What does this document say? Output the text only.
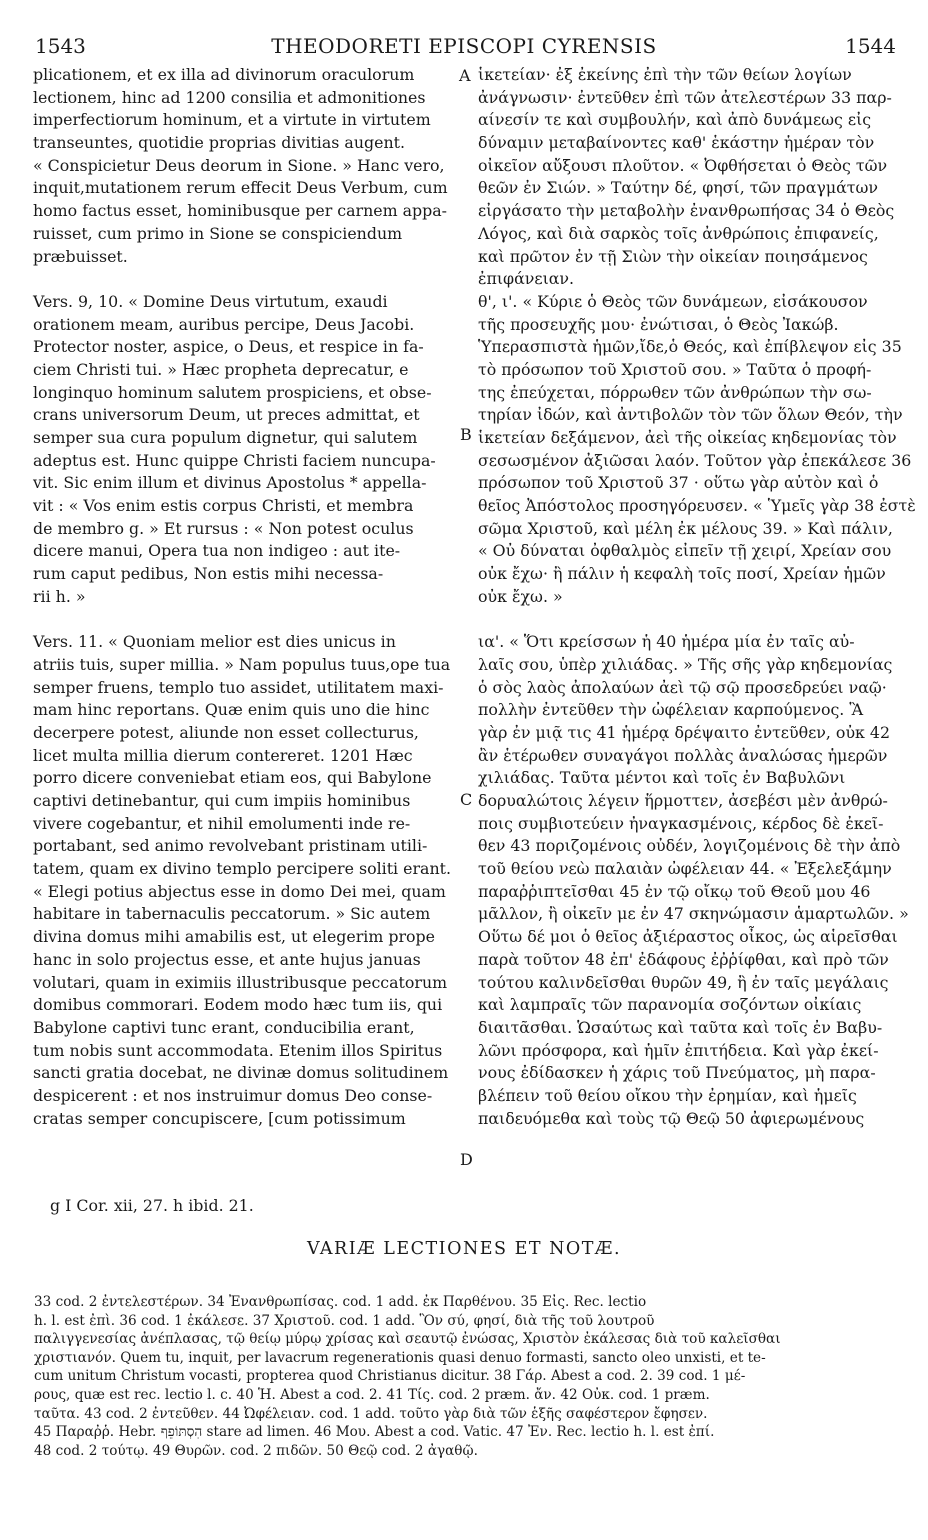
1543	THEODORETI EPISCOPI CYRENSIS	1544
plicationem, et ex illa ad divinorum oraculorum
lectionem, hinc ad 1200 consilia et admonitiones
imperfectiorum hominum, et a virtute in virtutem
transeuntes, quotidie proprias divitias augent.
« Conspicietur Deus deorum in Sione. » Hanc vero,
inquit,mutationem rerum effecit Deus Verbum, cum
homo factus esset, hominibusque per carnem appa-
ruisset, cum primo in Sione se conspiciendum
præbuisset.
Vers. 9, 10. « Domine Deus virtutum, exaudi
orationem meam, auribus percipe, Deus Jacobi.
Protector noster, aspice, o Deus, et respice in fa-
ciem Christi tui. » Hæc propheta deprecatur, e
longinquo hominum salutem prospiciens, et obse-
crans universorum Deum, ut preces admittat, et
semper sua cura populum dignetur, qui salutem
adeptus est. Hunc quippe Christi faciem nuncupa-
vit. Sic enim illum et divinus Apostolus * appella-
vit : « Vos enim estis corpus Christi, et membra
de membro g. » Et rursus : « Non potest oculus
dicere manui, Opera tua non indigeo : aut ite-
rum caput pedibus, Non estis mihi necessa-
rii h. »
Vers. 11. « Quoniam melior est dies unicus in
atriis tuis, super millia. » Nam populus tuus,ope tua
semper fruens, templo tuo assidet, utilitatem maxi-
mam hinc reportans. Quæ enim quis uno die hinc
decerpere potest, aliunde non esset collecturus,
licet multa millia dierum contereret. 1201 Hæc
porro dicere conveniebat etiam eos, qui Babylone
captivi detinebantur, qui cum impiis hominibus
vivere cogebantur, et nihil emolumenti inde re-
portabant, sed animo revolvebant pristinam utili-
tatem, quam ex divino templo percipere soliti erant.
« Elegi potius abjectus esse in domo Dei mei, quam
habitare in tabernaculis peccatorum. » Sic autem
divina domus mihi amabilis est, ut elegerim prope
hanc in solo projectus esse, et ante hujus januas
volutari, quam in eximiis illustribusque peccatorum
domibus commorari. Eodem modo hæc tum iis, qui
Babylone captivi tunc erant, conducibilia erant,
tum nobis sunt accommodata. Etenim illos Spiritus
sancti gratia docebat, ne divinæ domus solitudinem
despicerent : et nos instruimur domus Deo conse-
cratas semper concupiscere, [cum potissimum
ἱκετείαν· ἐξ ἐκείνης ἐπὶ τὴν τῶν θείων λογίων
ἀνάγνωσιν· ἐντεῦθεν ἐπὶ τῶν ἀτελεστέρων 33 παρ-
αίνεσίν τε καὶ συμβουλήν, καὶ ἀπὸ δυνάμεως εἰς
δύναμιν μεταβαίνοντες καθ' ἑκάστην ἡμέραν τὸν
οἰκεῖον αὔξουσι πλοῦτον. « Ὀφθήσεται ὁ Θεὸς τῶν
θεῶν ἐν Σιών. » Ταύτην δέ, φησί, τῶν πραγμάτων
εἰργάσατο τὴν μεταβολὴν ἐνανθρωπήσας 34 ὁ Θεὸς
Λόγος, καὶ διὰ σαρκὸς τοῖς ἀνθρώποις ἐπιφανείς,
καὶ πρῶτον ἐν τῇ Σιὼν τὴν οἰκείαν ποιησάμενος
ἐπιφάνειαν.
θ', ι'. « Κύριε ὁ Θεὸς τῶν δυνάμεων, εἰσάκουσον
τῆς προσευχῆς μου· ἐνώτισαι, ὁ Θεὸς Ἰακώβ.
Ὑπερασπιστὰ ἡμῶν,ἴδε,ὁ Θεός, καὶ ἐπίβλεψον εἰς 35
τὸ πρόσωπον τοῦ Χριστοῦ σου. » Ταῦτα ὁ προφή-
της ἐπεύχεται, πόρρωθεν τῶν ἀνθρώπων τὴν σω-
τηρίαν ἰδών, καὶ ἀντιβολῶν τὸν τῶν ὅλων Θεόν, τὴν
ἱκετείαν δεξάμενον, ἀεὶ τῆς οἰκείας κηδεμονίας τὸν
σεσωσμένον ἀξιῶσαι λαόν. Τοῦτον γὰρ ἐπεκάλεσε 36
πρόσωπον τοῦ Χριστοῦ 37 · οὕτω γὰρ αὐτὸν καὶ ὁ
θεῖος Ἀπόστολος προσηγόρευσεν. « Ὑμεῖς γὰρ 38 ἐστὲ
σῶμα Χριστοῦ, καὶ μέλη ἐκ μέλους 39. » Καὶ πάλιν,
« Οὐ δύναται ὀφθαλμὸς εἰπεῖν τῇ χειρί, Χρείαν σου
οὐκ ἔχω· ἢ πάλιν ἡ κεφαλὴ τοῖς ποσί, Χρείαν ἡμῶν
οὐκ ἔχω. »
ια'. « Ὅτι κρείσσων ἡ 40 ἡμέρα μία ἐν ταῖς αὐ-
λαῖς σου, ὑπὲρ χιλιάδας. » Τῆς σῆς γὰρ κηδεμονίας
ὁ σὸς λαὸς ἀπολαύων ἀεὶ τῷ σῷ προσεδρεύει ναῷ·
πολλὴν ἐντεῦθεν τὴν ὠφέλειαν καρπούμενος. Ἃ
γὰρ ἐν μιᾷ τις 41 ἡμέρᾳ δρέψαιτο ἐντεῦθεν, οὐκ 42
ἂν ἑτέρωθεν συναγάγοι πολλὰς ἀναλώσας ἡμερῶν
χιλιάδας. Ταῦτα μέντοι καὶ τοῖς ἐν Βαβυλῶνι
δορυαλώτοις λέγειν ἥρμοττεν, ἀσεβέσι μὲν ἀνθρώ-
ποις συμβιοτεύειν ἠναγκασμένοις, κέρδος δὲ ἐκεῖ-
θεν 43 ποριζομένοις οὐδέν, λογιζομένοις δὲ τὴν ἀπὸ
τοῦ θείου νεὼ παλαιὰν ὠφέλειαν 44. « Ἐξελεξάμην
παραῤῥιπτεῖσθαι 45 ἐν τῷ οἴκῳ τοῦ Θεοῦ μου 46
μᾶλλον, ἢ οἰκεῖν με ἐν 47 σκηνώμασιν ἁμαρτωλῶν. »
Οὕτω δέ μοι ὁ θεῖος ἀξιέραστος οἶκος, ὡς αἱρεῖσθαι
παρὰ τοῦτον 48 ἐπ' ἐδάφους ἐῤῥίφθαι, καὶ πρὸ τῶν
τούτου καλινδεῖσθαι θυρῶν 49, ἢ ἐν ταῖς μεγάλαις
καὶ λαμπραῖς τῶν παρανομία σοζόντων οἰκίαις
διαιτᾶσθαι. Ὡσαύτως καὶ ταῦτα καὶ τοῖς ἐν Βαβυ-
λῶνι πρόσφορα, καὶ ἡμῖν ἐπιτήδεια. Καὶ γὰρ ἐκεί-
νους ἐδίδασκεν ἡ χάρις τοῦ Πνεύματος, μὴ παρα-
βλέπειν τοῦ θείου οἴκου τὴν ἐρημίαν, καὶ ἡμεῖς
παιδευόμεθα καὶ τοὺς τῷ Θεῷ 50 ἀφιερωμένους
A
B
C
D
g I Cor. xii, 27. h ibid. 21.
VARIÆ LECTIONES ET NOTÆ.
33 cod. 2 ἐντελεστέρων. 34 Ἐνανθρωπίσας. cod. 1 add. ἐκ Παρθένου. 35 Εἰς. Rec. lectio
h. l. est ἐπὶ. 36 cod. 1 ἐκάλεσε. 37 Χριστοῦ. cod. 1 add. Ὃν σύ, φησί, διὰ τῆς τοῦ λουτροῦ
παλιγγενεσίας ἀνέπλασας, τῷ θείῳ μύρῳ χρίσας καὶ σεαυτῷ ἐνώσας, Χριστὸν ἐκάλεσας διὰ τοῦ καλεῖσθαι
χριστιανόν. Quem tu, inquit, per lavacrum regenerationis quasi denuo formasti, sancto oleo unxisti, et te-
cum unitum Christum vocasti, propterea quod Christianus dicitur. 38 Γάρ. Abest a cod. 2. 39 cod. 1 μέ-
ρους, quæ est rec. lectio l. c. 40 Ἡ. Abest a cod. 2. 41 Τίς. cod. 2 præm. ἄν. 42 Οὐκ. cod. 1 præm.
ταῦτα. 43 cod. 2 ἐντεῦθεν. 44 Ὠφέλειαν. cod. 1 add. τοῦτο γὰρ διὰ τῶν ἑξῆς σαφέστερον ἔφησεν.
45 Παραῤῥ. Hebr. הִסְתּוֹפֵף stare ad limen. 46 Μου. Abest a cod. Vatic. 47 Ἐν. Rec. lectio h. l. est ἐπί.
48 cod. 2 τούτῳ. 49 Θυρῶν. cod. 2 πιδῶν. 50 Θεῷ cod. 2 ἀγαθῷ.
